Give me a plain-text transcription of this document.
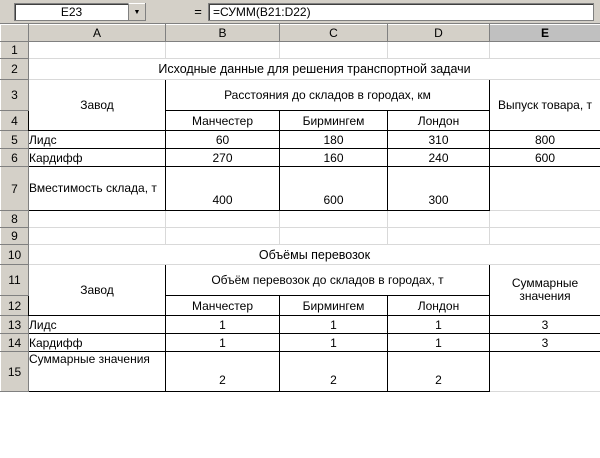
E23	▼	= =СУММ(B21:D22)
	A	B	C	D	E
1					
2	Исходные данные для решения транспортной задачи				
3	Завод	Расстояния до складов в городах, км			Выпуск товара, т
4		Манчестер	Бирмингем	Лондон	
5	Лидс	60	180	310	800
6	Кардифф	270	160	240	600
7	Вместимость склада, т	400	600	300	
8					
9					
10	Объёмы перевозок				
11	Завод	Объём перевозок до складов в городах, т			Суммарные значения
12		Манчестер	Бирмингем	Лондон	
13	Лидс	1	1	1	3
14	Кардифф	1	1	1	3
15	Суммарные значения	2	2	2	
